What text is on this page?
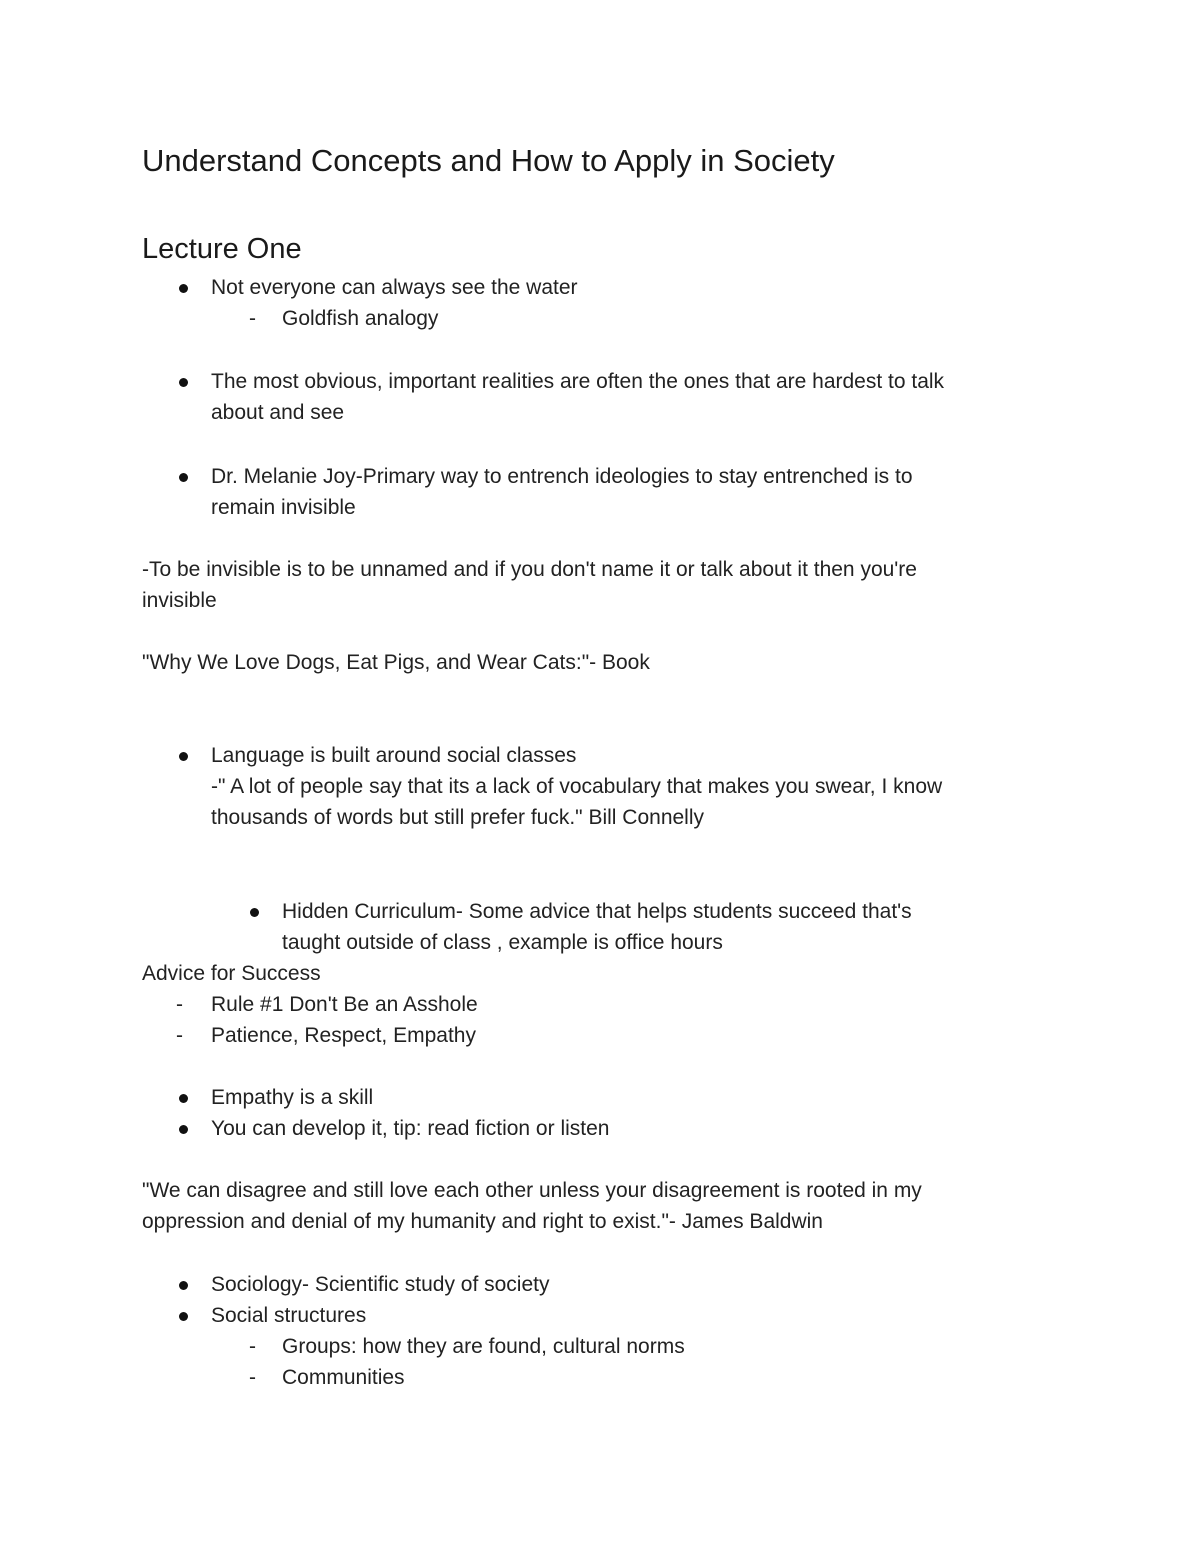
Understand Concepts and How to Apply in Society
Lecture One
Not everyone can always see the water
- Goldfish analogy
The most obvious, important realities are often the ones that are hardest to talk
about and see
Dr. Melanie Joy-Primary way to entrench ideologies to stay entrenched is to
remain invisible
-To be invisible is to be unnamed and if you don't name it or talk about it then you're
invisible
"Why We Love Dogs, Eat Pigs, and Wear Cats:"- Book
Language is built around social classes
-" A lot of people say that its a lack of vocabulary that makes you swear, I know
thousands of words but still prefer fuck." Bill Connelly
Hidden Curriculum- Some advice that helps students succeed that's
taught outside of class , example is office hours
Advice for Success
- Rule #1 Don't Be an Asshole
- Patience, Respect, Empathy
Empathy is a skill
You can develop it, tip: read fiction or listen
"We can disagree and still love each other unless your disagreement is rooted in my
oppression and denial of my humanity and right to exist."- James Baldwin
Sociology- Scientific study of society
Social structures
- Groups: how they are found, cultural norms
- Communities
